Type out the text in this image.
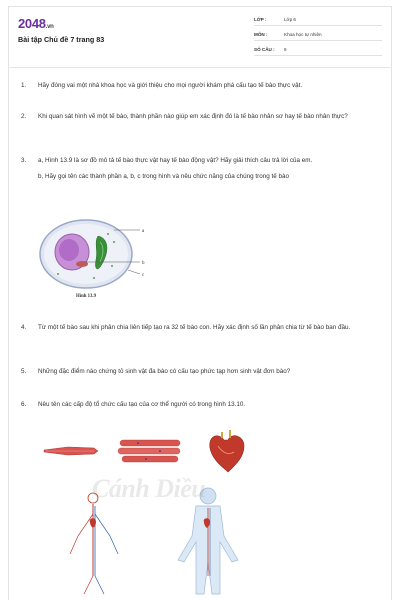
2048.vn
Bài tập Chủ đề 7 trang 83
LỚP :	Lớp 6
MÔN :	Khoa học tự nhiên
SỐ CÂU :	6
1.	Hãy đóng vai một nhà khoa học và giới thiệu cho mọi người khám phá cấu tạo tế bào thực vật.
2.	Khi quan sát hình vẽ một tế bào, thành phần nào giúp em xác định đó là tế bào nhân sơ hay tế bào nhân thực?
3.	a, Hình 13.9 là sơ đồ mô tả tế bào thực vật hay tế bào động vật? Hãy giải thích câu trả lời của em.
b, Hãy gọi tên các thành phần a, b, c trong hình và nêu chức năng của chúng trong tế bào
a
b
c
Hình 13.9
4.	Từ một tế bào sau khi phân chia liên tiếp tạo ra 32 tế bào con. Hãy xác định số lần phân chia từ tế bào ban đầu.
5.	Những đặc điểm nào chứng tỏ sinh vật đa bào có cấu tạo phức tạp hơn sinh vật đơn bào?
6.	Nêu tên các cấp độ tổ chức cấu tạo của cơ thể người có trong hình 13.10.
Cánh Diều
